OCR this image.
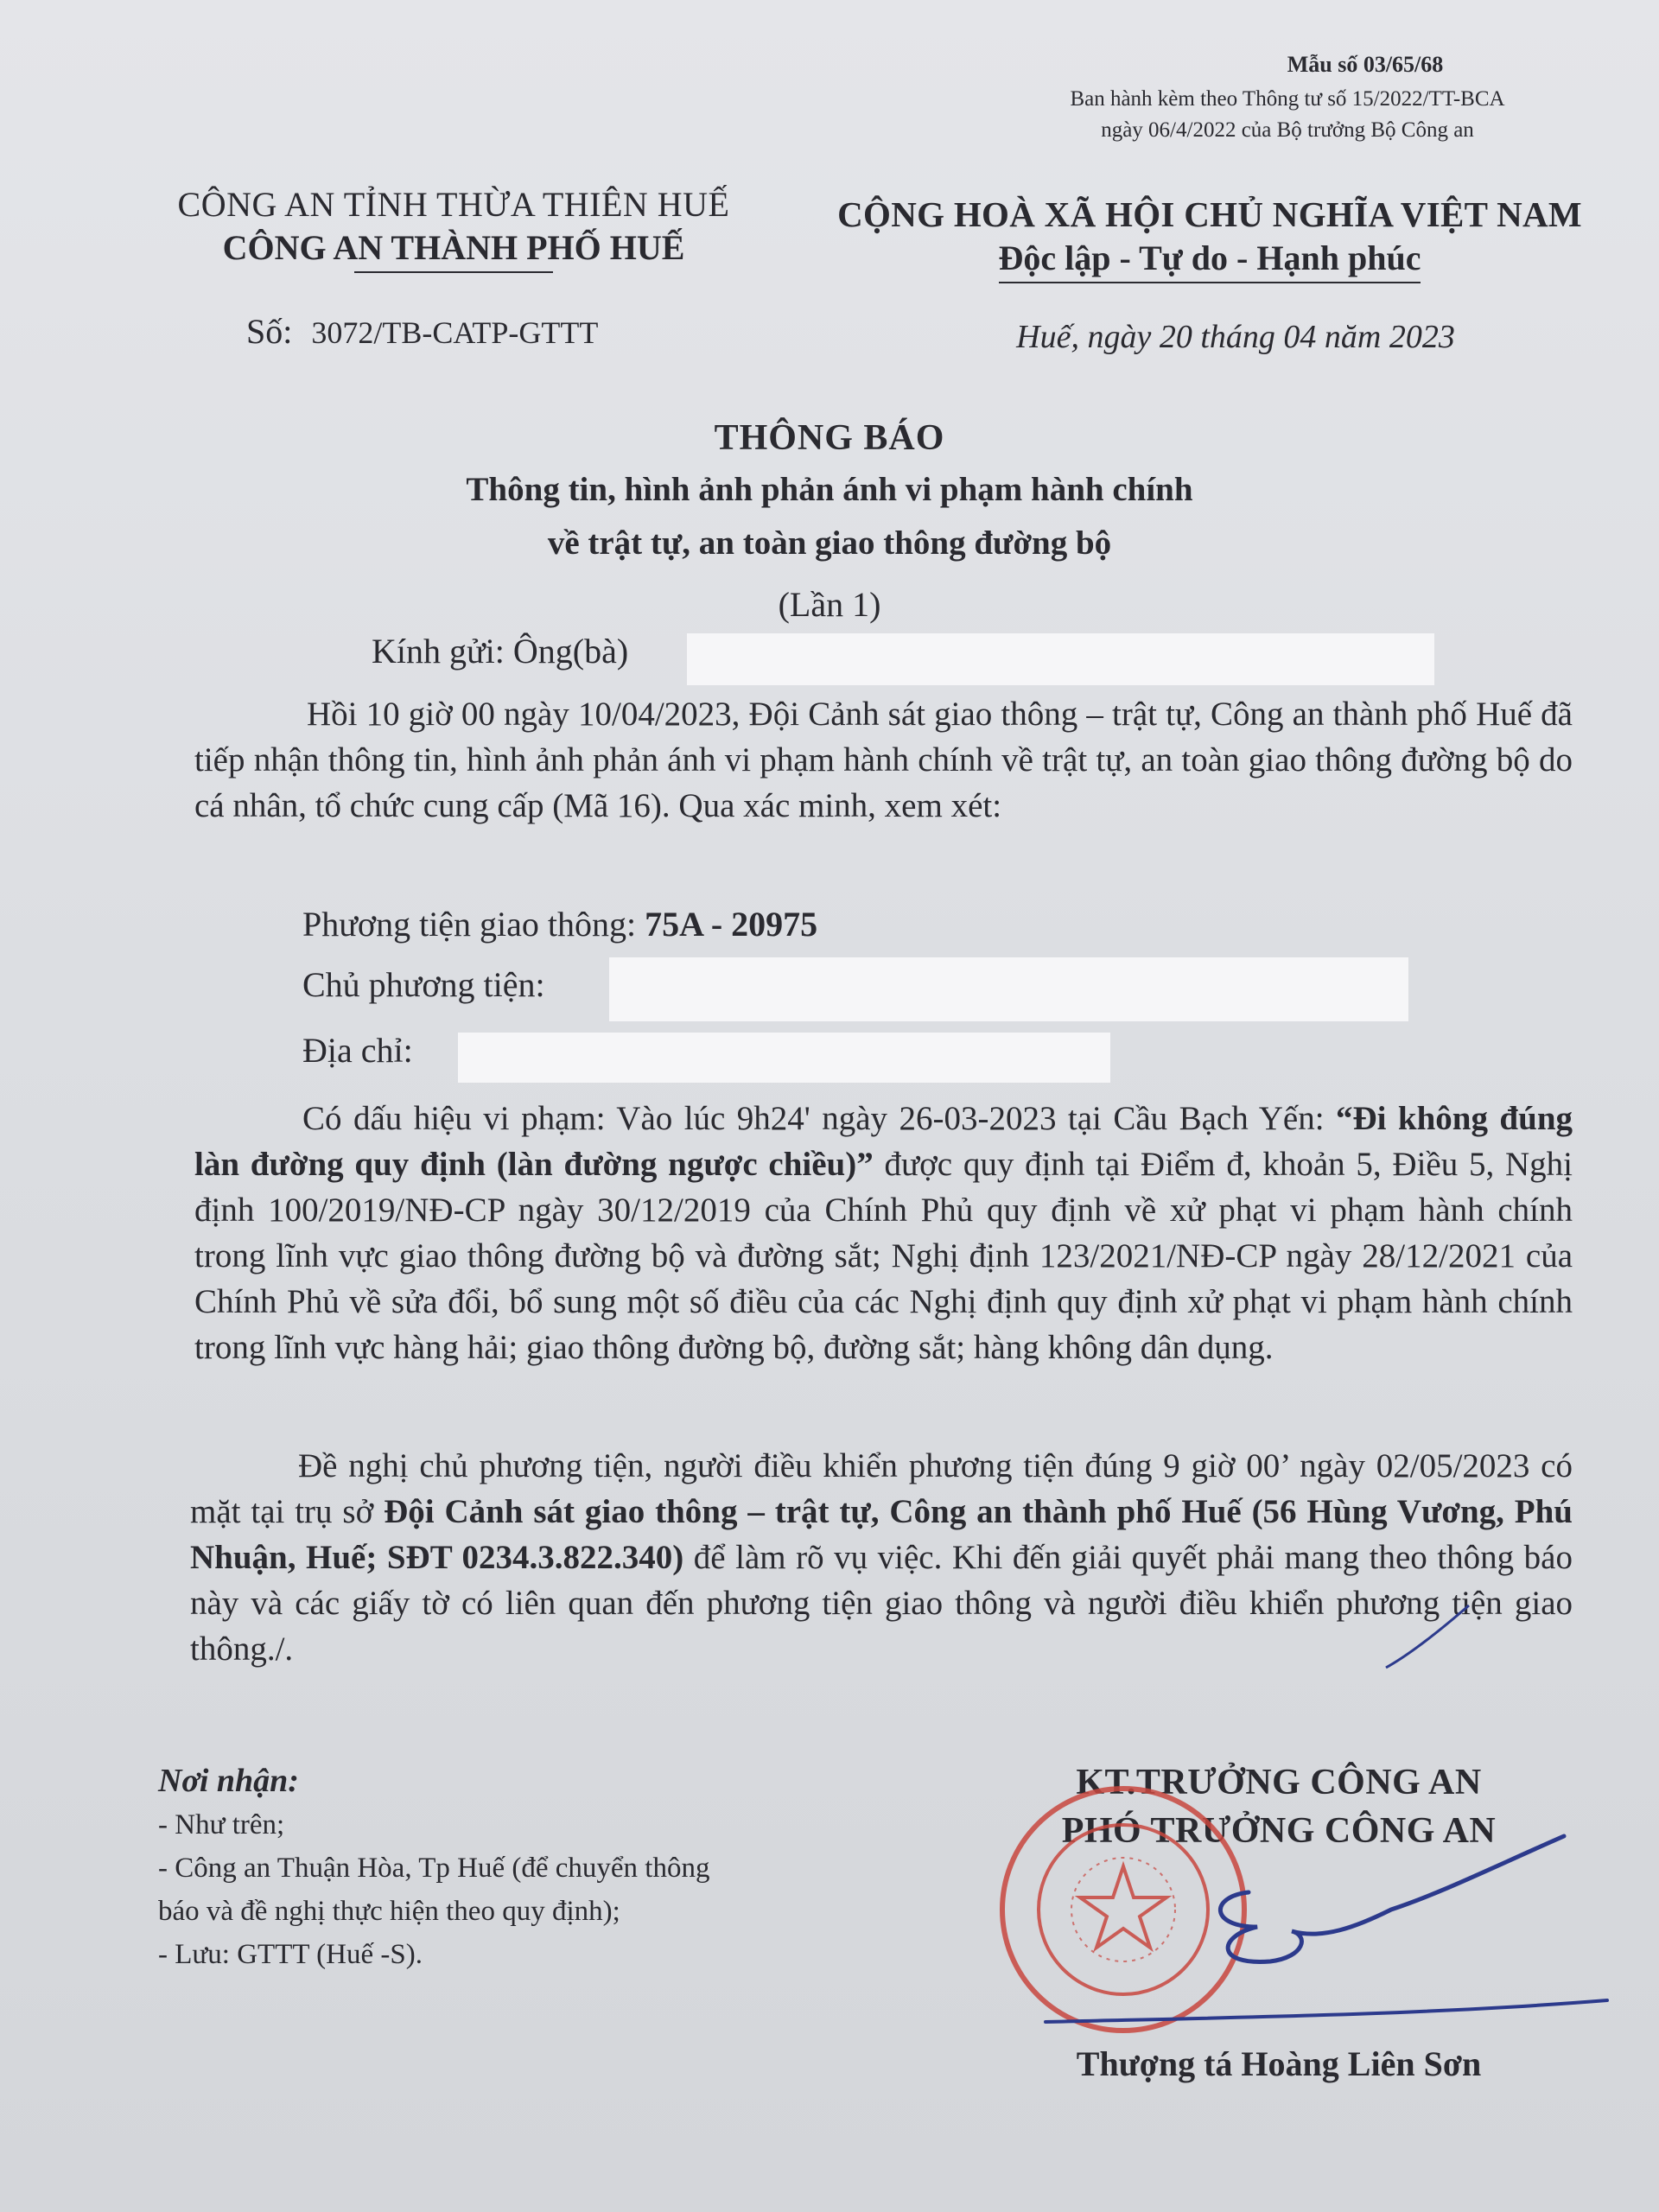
Mẫu số 03/65/68
Ban hành kèm theo Thông tư số 15/2022/TT-BCA
ngày 06/4/2022 của Bộ trưởng Bộ Công an
CÔNG AN TỈNH THỪA THIÊN HUẾ
CÔNG AN THÀNH PHỐ HUẾ
CỘNG HOÀ XÃ HỘI CHỦ NGHĨA VIỆT NAM
Độc lập - Tự do - Hạnh phúc
Số: 3072/TB-CATP-GTTT	Huế, ngày 20 tháng 04 năm 2023
THÔNG BÁO
Thông tin, hình ảnh phản ánh vi phạm hành chính
về trật tự, an toàn giao thông đường bộ
(Lần 1)
Kính gửi: Ông(bà)
Hồi 10 giờ 00 ngày 10/04/2023, Đội Cảnh sát giao thông – trật tự, Công an thành phố Huế đã tiếp nhận thông tin, hình ảnh phản ánh vi phạm hành chính về trật tự, an toàn giao thông đường bộ do cá nhân, tổ chức cung cấp (Mã 16). Qua xác minh, xem xét:
Phương tiện giao thông: 75A - 20975
Chủ phương tiện:
Địa chỉ:
Có dấu hiệu vi phạm: Vào lúc 9h24' ngày 26-03-2023 tại Cầu Bạch Yến: “Đi không đúng làn đường quy định (làn đường ngược chiều)” được quy định tại Điểm đ, khoản 5, Điều 5, Nghị định 100/2019/NĐ-CP ngày 30/12/2019 của Chính Phủ quy định về xử phạt vi phạm hành chính trong lĩnh vực giao thông đường bộ và đường sắt; Nghị định 123/2021/NĐ-CP ngày 28/12/2021 của Chính Phủ về sửa đổi, bổ sung một số điều của các Nghị định quy định xử phạt vi phạm hành chính trong lĩnh vực hàng hải; giao thông đường bộ, đường sắt; hàng không dân dụng.
Đề nghị chủ phương tiện, người điều khiển phương tiện đúng 9 giờ 00’ ngày 02/05/2023 có mặt tại trụ sở Đội Cảnh sát giao thông – trật tự, Công an thành phố Huế (56 Hùng Vương, Phú Nhuận, Huế; SĐT 0234.3.822.340) để làm rõ vụ việc. Khi đến giải quyết phải mang theo thông báo này và các giấy tờ có liên quan đến phương tiện giao thông và người điều khiển phương tiện giao thông./.
Nơi nhận:
- Như trên;
- Công an Thuận Hòa, Tp Huế (để chuyển thông
báo và đề nghị thực hiện theo quy định);
- Lưu: GTTT (Huế -S).
KT.TRƯỞNG CÔNG AN
PHÓ TRƯỞNG CÔNG AN
Thượng tá Hoàng Liên Sơn
